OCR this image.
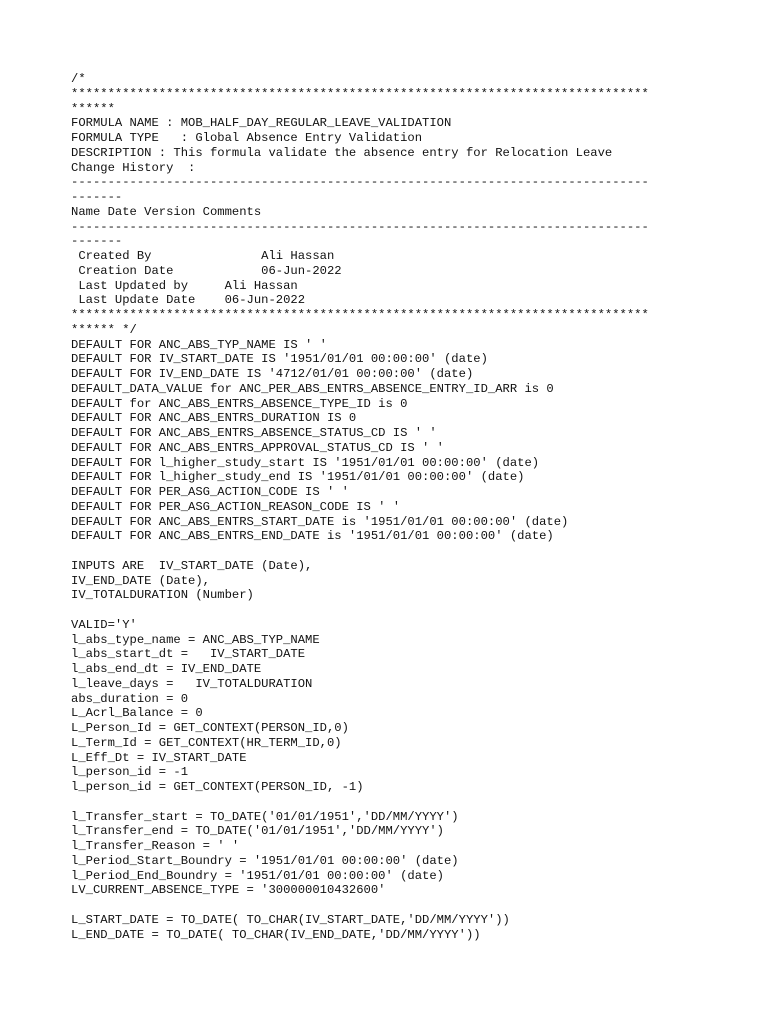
/*
*******************************************************************************
******
FORMULA NAME : MOB_HALF_DAY_REGULAR_LEAVE_VALIDATION
FORMULA TYPE   : Global Absence Entry Validation
DESCRIPTION : This formula validate the absence entry for Relocation Leave
Change History  :
-------------------------------------------------------------------------------
-------
Name Date Version Comments
-------------------------------------------------------------------------------
-------
Created By               Ali Hassan
Creation Date            06-Jun-2022
Last Updated by     Ali Hassan
Last Update Date    06-Jun-2022
*******************************************************************************
****** */
DEFAULT FOR ANC_ABS_TYP_NAME IS ' '
DEFAULT FOR IV_START_DATE IS '1951/01/01 00:00:00' (date)
DEFAULT FOR IV_END_DATE IS '4712/01/01 00:00:00' (date)
DEFAULT_DATA_VALUE for ANC_PER_ABS_ENTRS_ABSENCE_ENTRY_ID_ARR is 0
DEFAULT for ANC_ABS_ENTRS_ABSENCE_TYPE_ID is 0
DEFAULT FOR ANC_ABS_ENTRS_DURATION IS 0
DEFAULT FOR ANC_ABS_ENTRS_ABSENCE_STATUS_CD IS ' '
DEFAULT FOR ANC_ABS_ENTRS_APPROVAL_STATUS_CD IS ' '
DEFAULT FOR l_higher_study_start IS '1951/01/01 00:00:00' (date)
DEFAULT FOR l_higher_study_end IS '1951/01/01 00:00:00' (date)
DEFAULT FOR PER_ASG_ACTION_CODE IS ' '
DEFAULT FOR PER_ASG_ACTION_REASON_CODE IS ' '
DEFAULT FOR ANC_ABS_ENTRS_START_DATE is '1951/01/01 00:00:00' (date)
DEFAULT FOR ANC_ABS_ENTRS_END_DATE is '1951/01/01 00:00:00' (date)
INPUTS ARE  IV_START_DATE (Date),
IV_END_DATE (Date),
IV_TOTALDURATION (Number)
VALID='Y'
l_abs_type_name = ANC_ABS_TYP_NAME
l_abs_start_dt =   IV_START_DATE
l_abs_end_dt = IV_END_DATE
l_leave_days =   IV_TOTALDURATION
abs_duration = 0
L_Acrl_Balance = 0
L_Person_Id = GET_CONTEXT(PERSON_ID,0)
L_Term_Id = GET_CONTEXT(HR_TERM_ID,0)
L_Eff_Dt = IV_START_DATE
l_person_id = -1
l_person_id = GET_CONTEXT(PERSON_ID, -1)
l_Transfer_start = TO_DATE('01/01/1951','DD/MM/YYYY')
l_Transfer_end = TO_DATE('01/01/1951','DD/MM/YYYY')
l_Transfer_Reason = ' '
l_Period_Start_Boundry = '1951/01/01 00:00:00' (date)
l_Period_End_Boundry = '1951/01/01 00:00:00' (date)
LV_CURRENT_ABSENCE_TYPE = '300000010432600'
L_START_DATE = TO_DATE( TO_CHAR(IV_START_DATE,'DD/MM/YYYY'))
L_END_DATE = TO_DATE( TO_CHAR(IV_END_DATE,'DD/MM/YYYY'))
